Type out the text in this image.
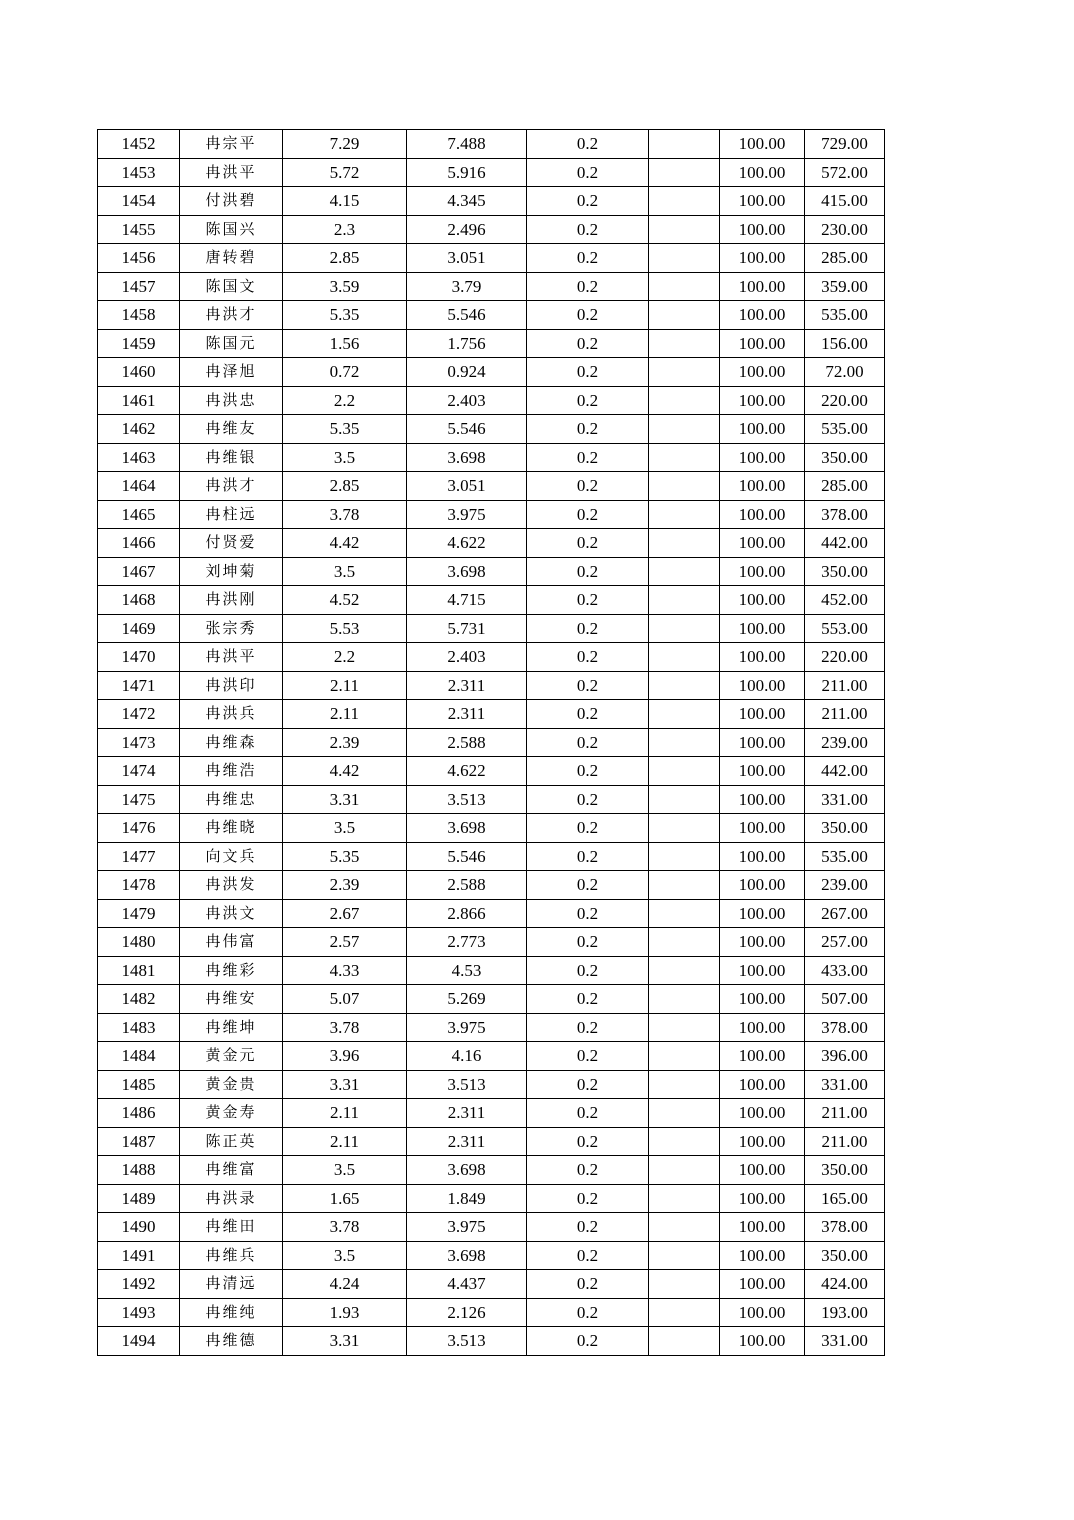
1452	冉宗平	7.29	7.488	0.2		100.00	729.00
1453	冉洪平	5.72	5.916	0.2		100.00	572.00
1454	付洪碧	4.15	4.345	0.2		100.00	415.00
1455	陈国兴	2.3	2.496	0.2		100.00	230.00
1456	唐转碧	2.85	3.051	0.2		100.00	285.00
1457	陈国文	3.59	3.79	0.2		100.00	359.00
1458	冉洪才	5.35	5.546	0.2		100.00	535.00
1459	陈国元	1.56	1.756	0.2		100.00	156.00
1460	冉泽旭	0.72	0.924	0.2		100.00	72.00
1461	冉洪忠	2.2	2.403	0.2		100.00	220.00
1462	冉维友	5.35	5.546	0.2		100.00	535.00
1463	冉维银	3.5	3.698	0.2		100.00	350.00
1464	冉洪才	2.85	3.051	0.2		100.00	285.00
1465	冉柱远	3.78	3.975	0.2		100.00	378.00
1466	付贤爱	4.42	4.622	0.2		100.00	442.00
1467	刘坤菊	3.5	3.698	0.2		100.00	350.00
1468	冉洪刚	4.52	4.715	0.2		100.00	452.00
1469	张宗秀	5.53	5.731	0.2		100.00	553.00
1470	冉洪平	2.2	2.403	0.2		100.00	220.00
1471	冉洪印	2.11	2.311	0.2		100.00	211.00
1472	冉洪兵	2.11	2.311	0.2		100.00	211.00
1473	冉维森	2.39	2.588	0.2		100.00	239.00
1474	冉维浩	4.42	4.622	0.2		100.00	442.00
1475	冉维忠	3.31	3.513	0.2		100.00	331.00
1476	冉维晓	3.5	3.698	0.2		100.00	350.00
1477	向文兵	5.35	5.546	0.2		100.00	535.00
1478	冉洪发	2.39	2.588	0.2		100.00	239.00
1479	冉洪文	2.67	2.866	0.2		100.00	267.00
1480	冉伟富	2.57	2.773	0.2		100.00	257.00
1481	冉维彩	4.33	4.53	0.2		100.00	433.00
1482	冉维安	5.07	5.269	0.2		100.00	507.00
1483	冉维坤	3.78	3.975	0.2		100.00	378.00
1484	黄金元	3.96	4.16	0.2		100.00	396.00
1485	黄金贵	3.31	3.513	0.2		100.00	331.00
1486	黄金寿	2.11	2.311	0.2		100.00	211.00
1487	陈正英	2.11	2.311	0.2		100.00	211.00
1488	冉维富	3.5	3.698	0.2		100.00	350.00
1489	冉洪录	1.65	1.849	0.2		100.00	165.00
1490	冉维田	3.78	3.975	0.2		100.00	378.00
1491	冉维兵	3.5	3.698	0.2		100.00	350.00
1492	冉清远	4.24	4.437	0.2		100.00	424.00
1493	冉维纯	1.93	2.126	0.2		100.00	193.00
1494	冉维德	3.31	3.513	0.2		100.00	331.00
